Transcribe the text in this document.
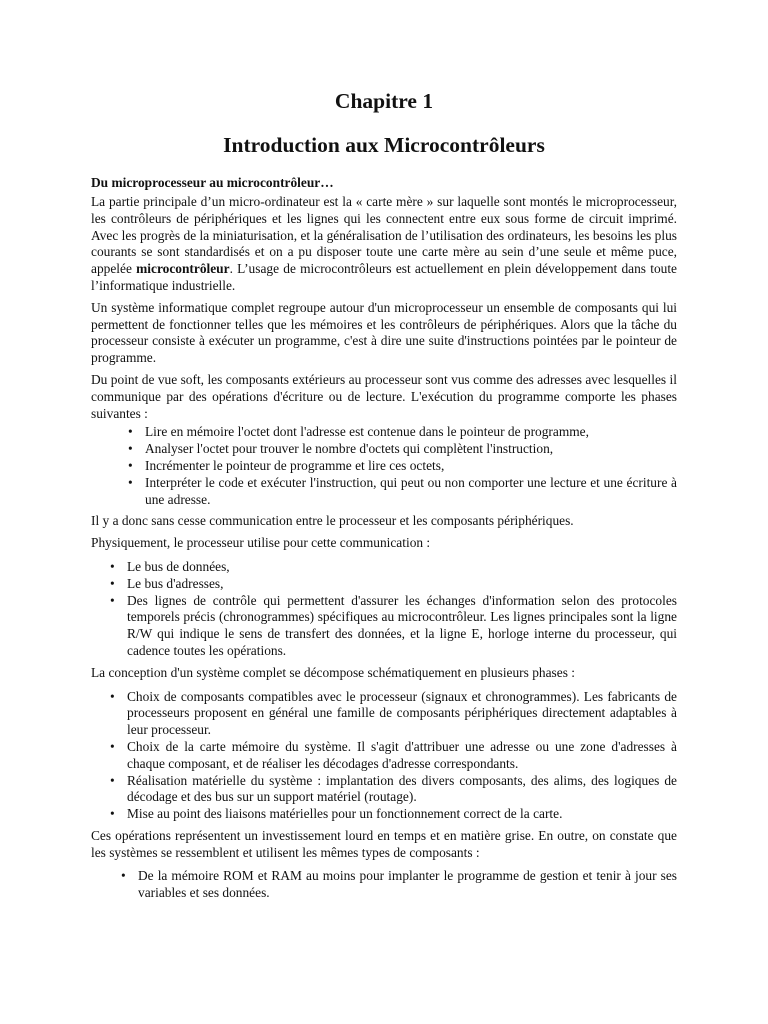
Chapitre 1
Introduction aux Microcontrôleurs
Du microprocesseur au microcontrôleur…

La partie principale d’un micro-ordinateur est la « carte mère » sur laquelle sont montés le microprocesseur, les contrôleurs de périphériques et les lignes qui les connectent entre eux sous forme de circuit imprimé. Avec les progrès de la miniaturisation, et la généralisation de l’utilisation des ordinateurs, les besoins les plus courants se sont standardisés et on a pu disposer toute une carte mère au sein d’une seule et même puce, appelée microcontrôleur. L’usage de microcontrôleurs est actuellement en plein développement dans toute l’informatique industrielle.

Un système informatique complet regroupe autour d'un microprocesseur un ensemble de composants qui lui permettent de fonctionner telles que les mémoires et les contrôleurs de périphériques. Alors que la tâche du processeur consiste à exécuter un programme, c'est à dire une suite d'instructions pointées par le pointeur de programme.

Du point de vue soft, les composants extérieurs au processeur sont vus comme des adresses avec lesquelles il communique par des opérations d'écriture ou de lecture. L'exécution du programme comporte les phases suivantes :

• Lire en mémoire l'octet dont l'adresse est contenue dans le pointeur de programme,
• Analyser l'octet pour trouver le nombre d'octets qui complètent l'instruction,
• Incrémenter le pointeur de programme et lire ces octets,
• Interpréter le code et exécuter l'instruction, qui peut ou non comporter une lecture et une écriture à une adresse.

Il y a donc sans cesse communication entre le processeur et les composants périphériques.

Physiquement, le processeur utilise pour cette communication :

• Le bus de données,
• Le bus d'adresses,
• Des lignes de contrôle qui permettent d'assurer les échanges d'information selon des protocoles temporels précis (chronogrammes) spécifiques au microcontrôleur. Les lignes principales sont la ligne R/W qui indique le sens de transfert des données, et la ligne E, horloge interne du processeur, qui cadence toutes les opérations.

La conception d'un système complet se décompose schématiquement en plusieurs phases :

• Choix de composants compatibles avec le processeur (signaux et chronogrammes). Les fabricants de processeurs proposent en général une famille de composants périphériques directement adaptables à leur processeur.
• Choix de la carte mémoire du système. Il s'agit d'attribuer une adresse ou une zone d'adresses à chaque composant, et de réaliser les décodages d'adresse correspondants.
• Réalisation matérielle du système : implantation des divers composants, des alims, des logiques de décodage et des bus sur un support matériel (routage).
• Mise au point des liaisons matérielles pour un fonctionnement correct de la carte.

Ces opérations représentent un investissement lourd en temps et en matière grise. En outre, on constate que les systèmes se ressemblent et utilisent les mêmes types de composants :

• De la mémoire ROM et RAM au moins pour implanter le programme de gestion et tenir à jour ses variables et ses données.
